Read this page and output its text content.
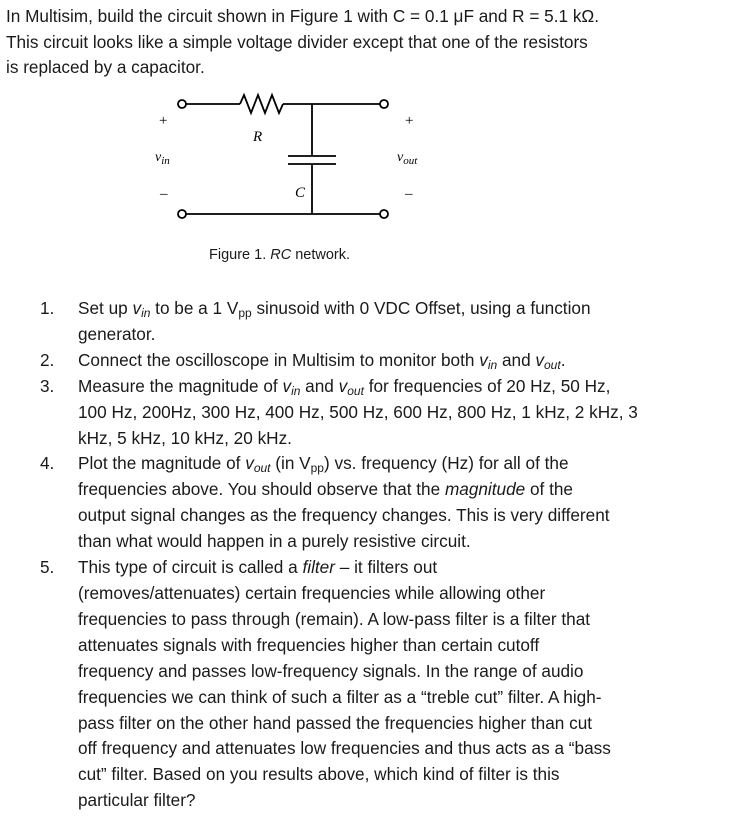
In Multisim, build the circuit shown in Figure 1 with C = 0.1 μF and R = 5.1 kΩ.
This circuit looks like a simple voltage divider except that one of the resistors
is replaced by a capacitor.
+	+
–	–
R
C
$v_{in}$	$v_{out}$
Figure 1. RC network.
1. Set up $v_{in}$ to be a 1 $V_{pp}$ sinusoid with 0 VDC Offset, using a function
generator.
2. Connect the oscilloscope in Multisim to monitor both $v_{in}$ and $v_{out}$.
3. Measure the magnitude of $v_{in}$ and $v_{out}$ for frequencies of 20 Hz, 50 Hz,
100 Hz, 200Hz, 300 Hz, 400 Hz, 500 Hz, 600 Hz, 800 Hz, 1 kHz, 2 kHz, 3
kHz, 5 kHz, 10 kHz, 20 kHz.
4. Plot the magnitude of $v_{out}$ (in $V_{pp}$) vs. frequency (Hz) for all of the
frequencies above. You should observe that the magnitude of the
output signal changes as the frequency changes. This is very different
than what would happen in a purely resistive circuit.
5. This type of circuit is called a filter – it filters out
(removes/attenuates) certain frequencies while allowing other
frequencies to pass through (remain). A low-pass filter is a filter that
attenuates signals with frequencies higher than certain cutoff
frequency and passes low-frequency signals. In the range of audio
frequencies we can think of such a filter as a “treble cut” filter. A high-
pass filter on the other hand passed the frequencies higher than cut
off frequency and attenuates low frequencies and thus acts as a “bass
cut” filter. Based on you results above, which kind of filter is this
particular filter?
